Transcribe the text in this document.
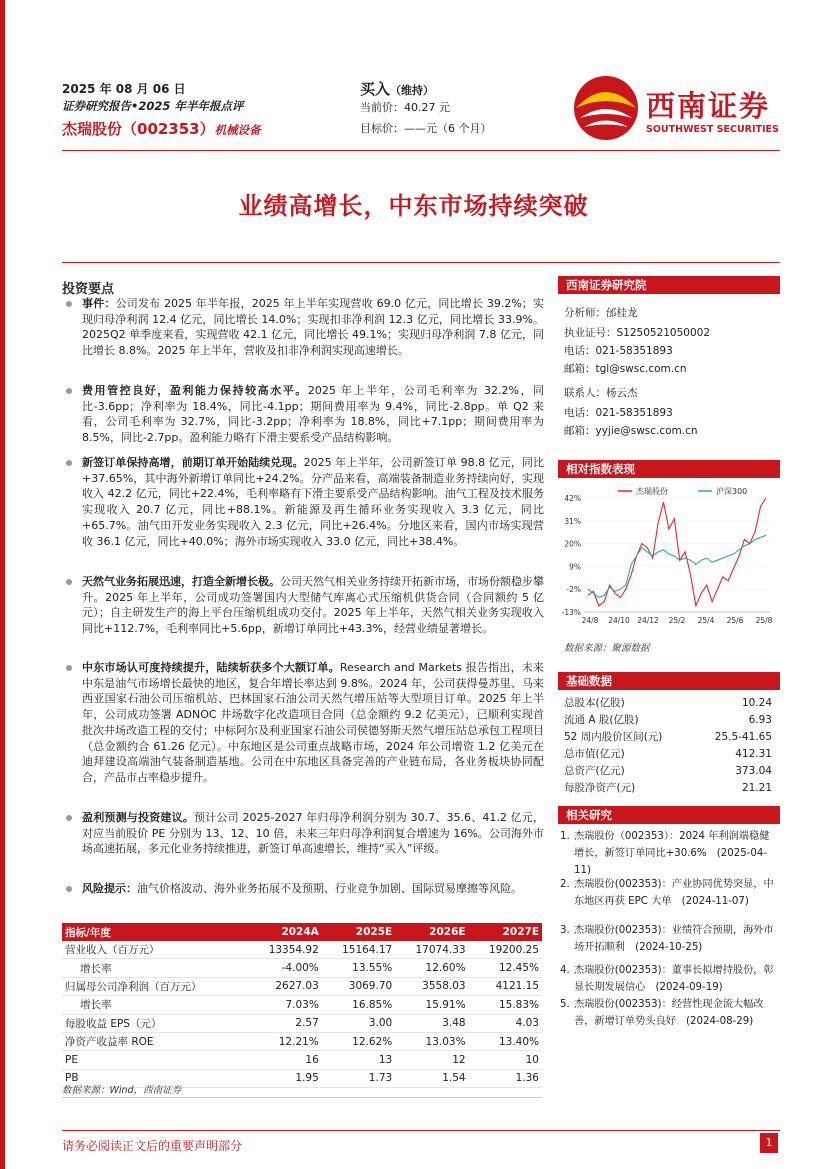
2025 年 08 月 06 日
证券研究报告•2025 年半年报点评
杰瑞股份（002353）机械设备
买入（维持）
当前价：40.27 元
目标价：——元（6 个月）
西南证券
SOUTHWEST SECURITIES
业绩高增长，中东市场持续突破
投资要点
事件：公司发布 2025 年半年报，2025 年上半年实现营收 69.0 亿元，同比增长 39.2%；实现归母净利润 12.4 亿元，同比增长 14.0%；实现扣非净利润 12.3 亿元，同比增长 33.9%。2025Q2 单季度来看，实现营收 42.1 亿元，同比增长 49.1%；实现归母净利润 7.8 亿元，同比增长 8.8%。2025 年上半年，营收及扣非净利润实现高速增长。
费用管控良好，盈利能力保持较高水平。2025 年上半年，公司毛利率为 32.2%，同比-3.6pp；净利率为 18.4%，同比-4.1pp；期间费用率为 9.4%，同比-2.8pp。单 Q2 来看，公司毛利率为 32.7%，同比-3.2pp；净利率为 18.8%，同比+7.1pp；期间费用率为 8.5%，同比-2.7pp。盈利能力略有下滑主要系受产品结构影响。
新签订单保持高增，前期订单开始陆续兑现。2025 年上半年，公司新签订单 98.8 亿元，同比+37.65%，其中海外新增订单同比+24.2%。分产品来看，高端装备制造业务持续向好，实现收入 42.2 亿元，同比+22.4%，毛利率略有下滑主要系受产品结构影响。油气工程及技术服务实现收入 20.7 亿元，同比+88.1%。新能源及再生循环业务实现收入 3.3 亿元，同比+65.7%。油气田开发业务实现收入 2.3 亿元，同比+26.4%。分地区来看，国内市场实现营收 36.1 亿元，同比+40.0%；海外市场实现收入 33.0 亿元，同比+38.4%。
天然气业务拓展迅速，打造全新增长极。公司天然气相关业务持续开拓新市场，市场份额稳步攀升。2025 年上半年，公司成功签署国内大型储气库离心式压缩机供货合同（合同额约 5 亿元）；自主研发生产的海上平台压缩机组成功交付。2025 年上半年，天然气相关业务实现收入同比+112.7%，毛利率同比+5.6pp，新增订单同比+43.3%，经营业绩显著增长。
中东市场认可度持续提升，陆续斩获多个大额订单。Research and Markets 报告指出，未来中东是油气市场增长最快的地区，复合年增长率达到 9.8%。2024 年，公司获得曼苏里、马来西亚国家石油公司压缩机站、巴林国家石油公司天然气增压站等大型项目订单。2025 年上半年，公司成功签署 ADNOC 井场数字化改造项目合同（总金额约 9.2 亿美元），已顺利实现首批次井场改造工程的交付；中标阿尔及利亚国家石油公司侯德努斯天然气增压站总承包工程项目（总金额约合 61.26 亿元）。中东地区是公司重点战略市场，2024 年公司增资 1.2 亿美元在迪拜建设高端油气装备制造基地。公司在中东地区具备完善的产业链布局，各业务板块协同配合，产品市占率稳步提升。
盈利预测与投资建议。预计公司 2025-2027 年归母净利润分别为 30.7、35.6、41.2 亿元，对应当前股价 PE 分别为 13、12、10 倍，未来三年归母净利润复合增速为 16%。公司海外市场高速拓展，多元化业务持续推进，新签订单高速增长，维持“买入”评级。
风险提示：油气价格波动、海外业务拓展不及预期、行业竞争加剧、国际贸易摩擦等风险。
指标/年度	2024A	2025E	2026E	2027E
营业收入（百万元）	13354.92	15164.17	17074.33	19200.25
增长率	-4.00%	13.55%	12.60%	12.45%
归属母公司净利润（百万元）	2627.03	3069.70	3558.03	4121.15
增长率	7.03%	16.85%	15.91%	15.83%
每股收益 EPS（元）	2.57	3.00	3.48	4.03
净资产收益率 ROE	12.21%	12.62%	13.03%	13.40%
PE	16	13	12	10
PB	1.95	1.73	1.54	1.36
数据来源：Wind，西南证券
西南证券研究院
分析师：邰桂龙
执业证号：S1250521050002
电话：021-58351893
邮箱：tgl@swsc.com.cn
联系人：杨云杰
电话：021-58351893
邮箱：yyjie@swsc.com.cn
相对指数表现
杰瑞股份	沪深300
42%
31%
20%
9%
-2%
-13%
24/8 24/10 24/12 25/2 25/4 25/6 25/8
数据来源：聚源数据
基础数据
总股本(亿股)	10.24
流通 A 股(亿股)	6.93
52 周内股价区间(元)	25.5-41.65
总市值(亿元)	412.31
总资产(亿元)	373.04
每股净资产(元)	21.21
相关研究
1. 杰瑞股份（002353）：2024 年利润端稳健增长，新签订单同比+30.6%　(2025-04-11)
2. 杰瑞股份(002353)：产业协同优势突显，中东地区再获 EPC 大单　(2024-11-07)
3. 杰瑞股份(002353)：业绩符合预期，海外市场开拓顺利　(2024-10-25)
4. 杰瑞股份(002353)：董事长拟增持股份，彰显长期发展信心　(2024-09-19)
5. 杰瑞股份(002353)：经营性现金流大幅改善，新增订单势头良好　(2024-08-29)
请务必阅读正文后的重要声明部分	1
